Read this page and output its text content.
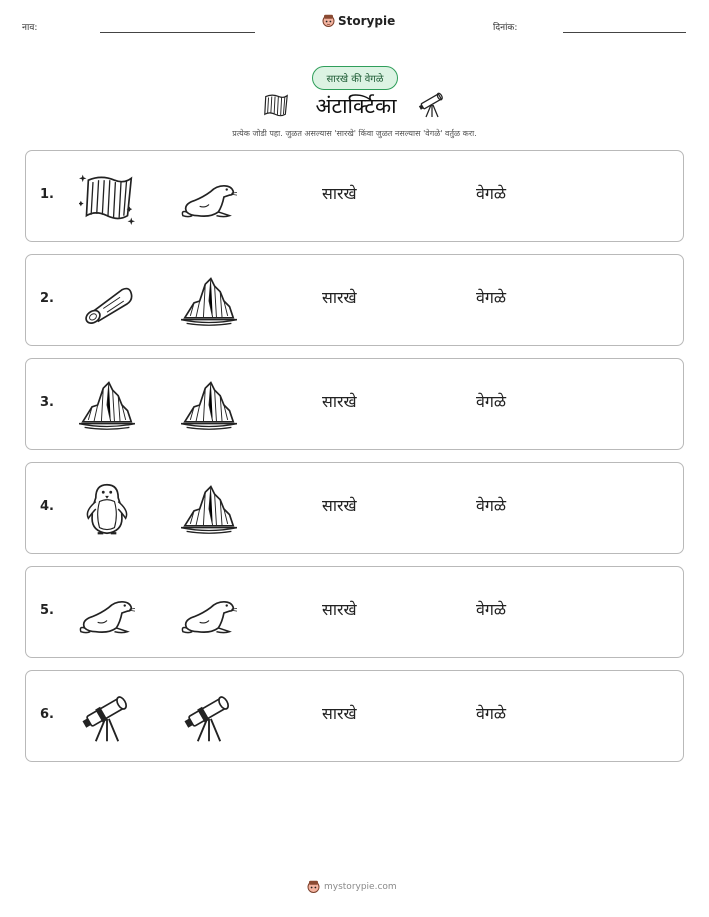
नाव:	Storypie	दिनांक:
सारखे की वेगळे
अंटार्क्टिका
प्रत्येक जोडी पहा. जुळत असल्यास 'सारखे' किंवा जुळत नसल्यास 'वेगळे' वर्तुळ करा.
1.	सारखे	वेगळे
2.	सारखे	वेगळे
3.	सारखे	वेगळे
4.	सारखे	वेगळे
5.	सारखे	वेगळे
6.	सारखे	वेगळे
mystorypie.com
